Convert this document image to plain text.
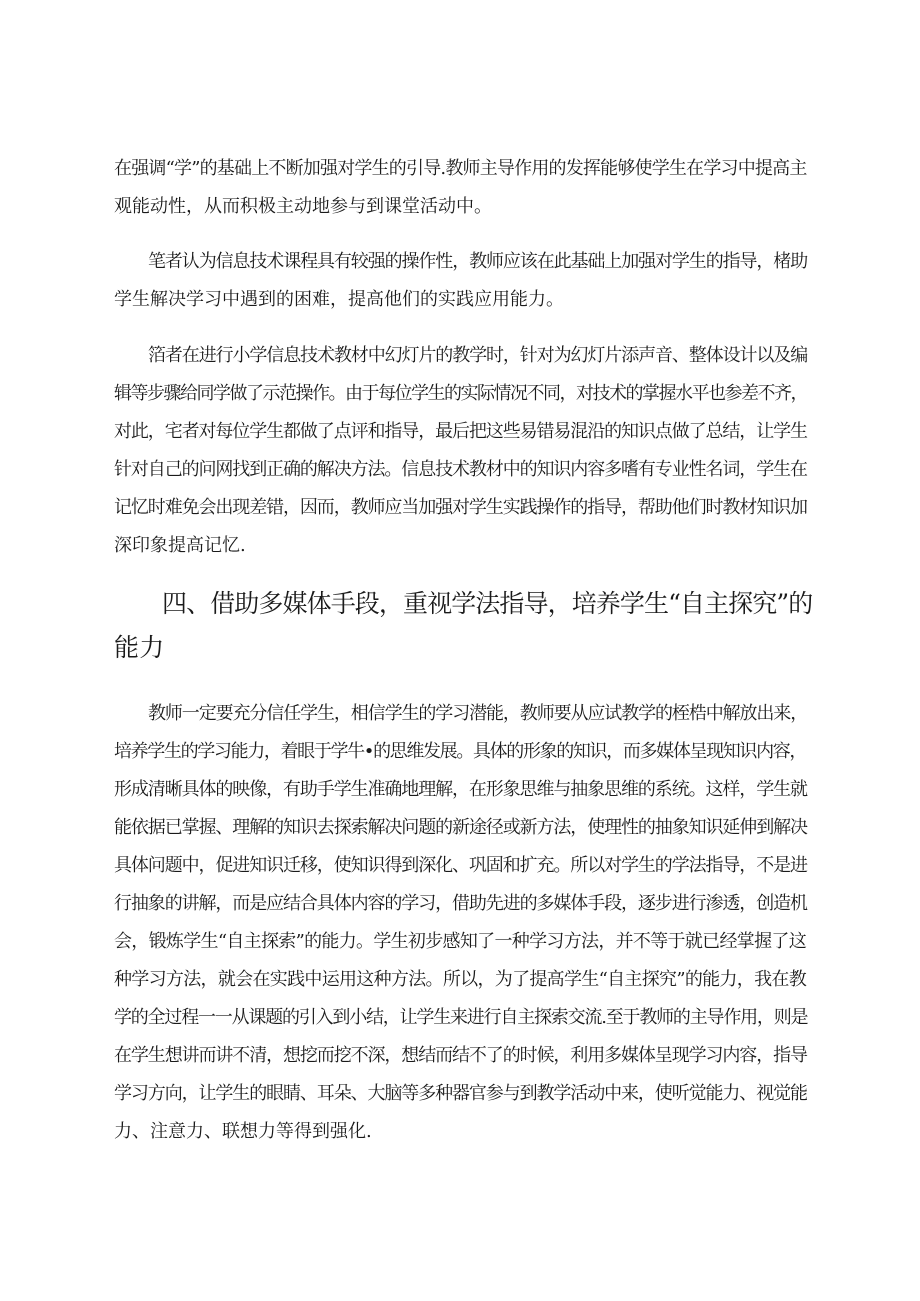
在强调“学”的基础上不断加强对学生的引导.教师主导作用的发挥能够使学生在学习中提高主
观能动性，从而积极主动地参与到课堂活动中。
笔者认为信息技术课程具有较强的操作性，教师应该在此基础上加强对学生的指导，楮助
学生解决学习中遇到的困难，提高他们的实践应用能力。
箔者在进行小学信息技术教材中幻灯片的教学时，针对为幻灯片添声音、整体设计以及编
辑等步骤给同学做了示范操作。由于每位学生的实际情况不同，对技术的掌握水平也参差不齐，
对此，宅者对每位学生都做了点评和指导，最后把这些易错易混沿的知识点做了总结，让学生
针对自己的问网找到正确的解决方法。信息技术教材中的知识内容多嗜有专业性名词，学生在
记忆时难免会出现差错，因而，教师应当加强对学生实践操作的指导，帮助他们时教材知识加
深印象提高记忆.
四、借助多媒体手段，重视学法指导，培养学生“自主探究”的
能力
教师一定要充分信任学生，相信学生的学习潜能，教师要从应试教学的桎梏中解放出来，
培养学生的学习能力，着眼于学牛•的思维发展。具体的形象的知识，而多媒体呈现知识内容，
形成清晰具体的映像，有助手学生准确地理解，在形象思维与抽象思维的系统。这样，学生就
能依据已掌握、理解的知识去探索解决问题的新途径或新方法，使理性的抽象知识延伸到解决
具体问题中，促进知识迁移，使知识得到深化、巩固和扩充。所以对学生的学法指导，不是进
行抽象的讲解，而是应结合具体内容的学习，借助先进的多媒体手段，逐步进行渗透，创造机
会，锻炼学生“自主探索”的能力。学生初步感知了一种学习方法，并不等于就已经掌握了这
种学习方法，就会在实践中运用这种方法。所以，为了提高学生“自主探究”的能力，我在教
学的全过程一一从课题的引入到小结，让学生来进行自主探索交流.至于教师的主导作用，则是
在学生想讲而讲不清，想挖而挖不深，想结而结不了的时候，利用多媒体呈现学习内容，指导
学习方向，让学生的眼睛、耳朵、大脑等多种器官参与到教学活动中来，使听觉能力、视觉能
力、注意力、联想力等得到强化.
